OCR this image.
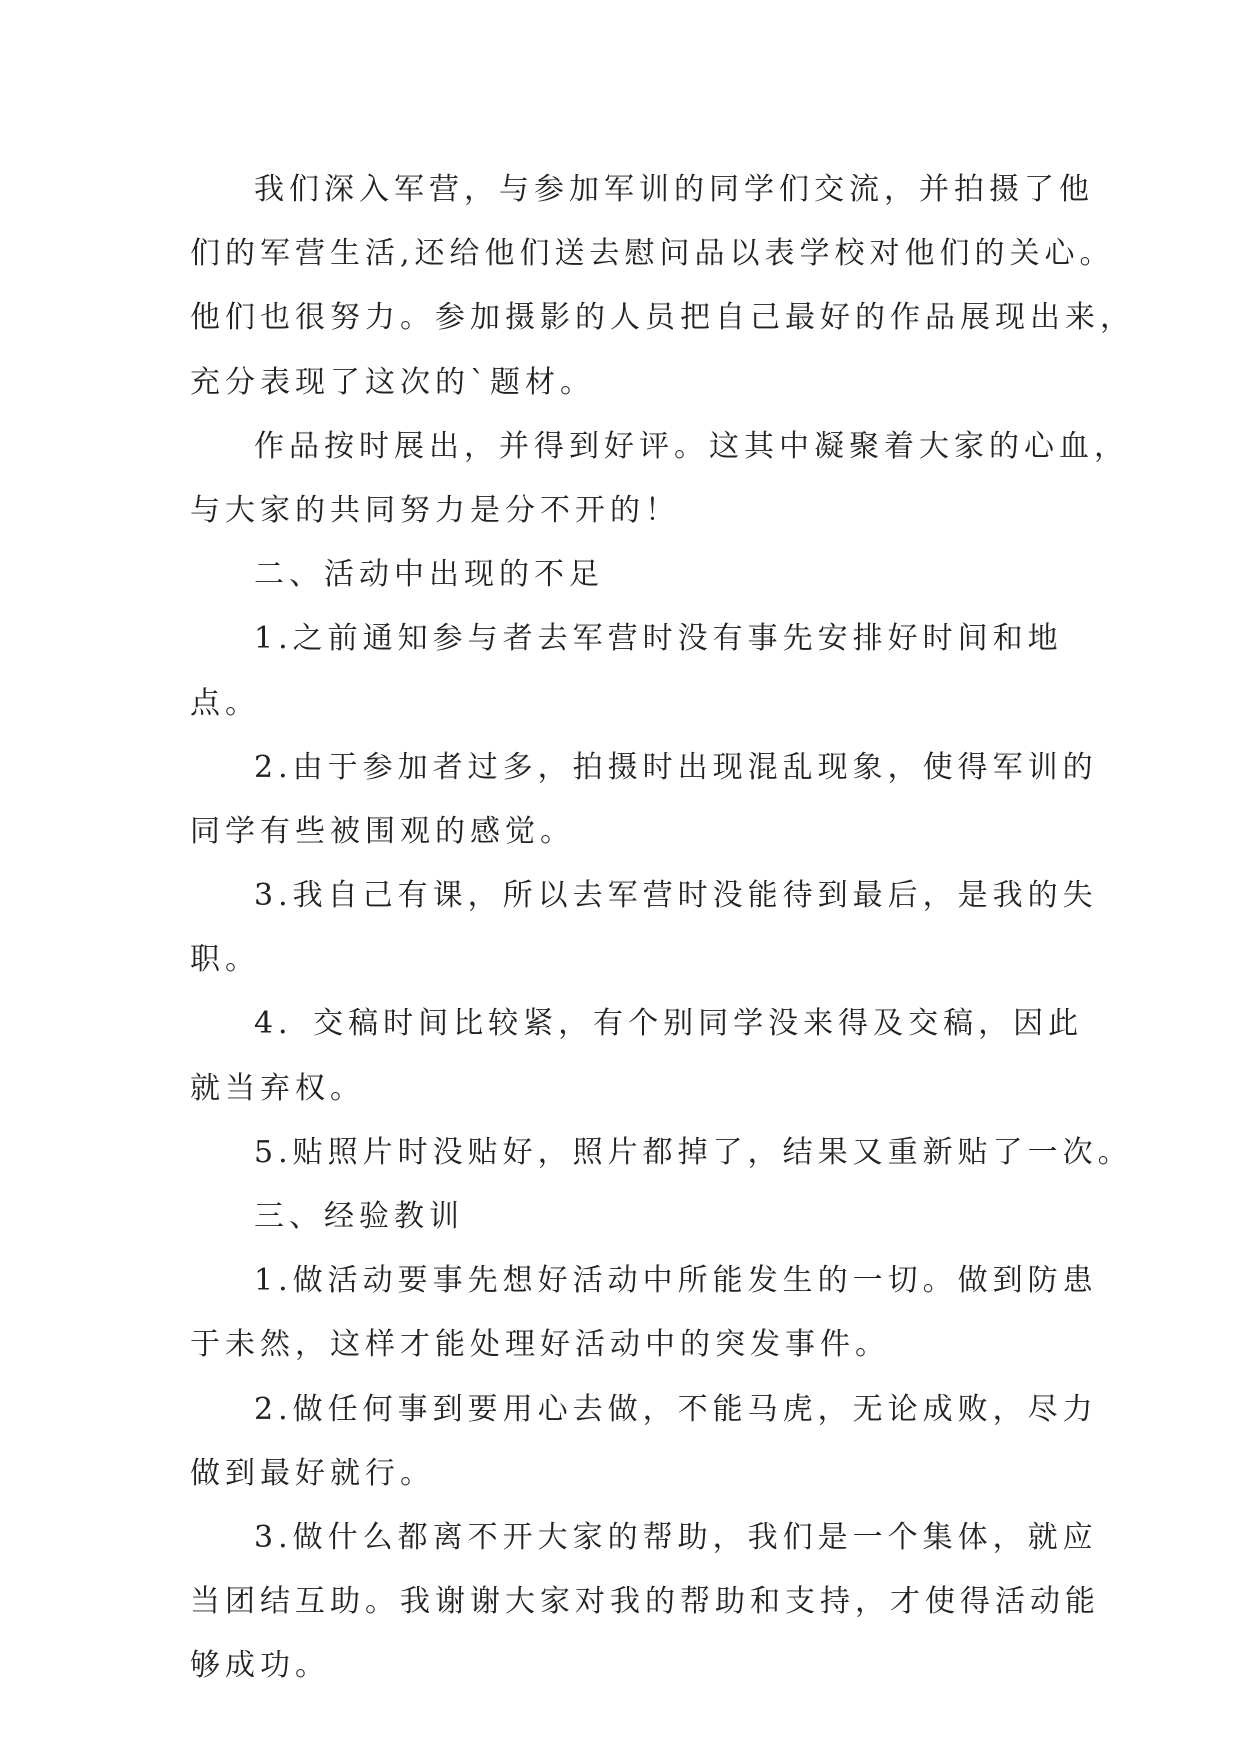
我们深入军营，与参加军训的同学们交流，并拍摄了他
们的军营生活,还给他们送去慰问品以表学校对他们的关心。
他们也很努力。参加摄影的人员把自己最好的作品展现出来，
充分表现了这次的`题材。
作品按时展出，并得到好评。这其中凝聚着大家的心血，
与大家的共同努力是分不开的！
二、活动中出现的不足
1.之前通知参与者去军营时没有事先安排好时间和地
点。
2.由于参加者过多，拍摄时出现混乱现象，使得军训的
同学有些被围观的感觉。
3.我自己有课，所以去军营时没能待到最后，是我的失
职。
4．交稿时间比较紧，有个别同学没来得及交稿，因此
就当弃权。
5.贴照片时没贴好，照片都掉了，结果又重新贴了一次。
三、经验教训
1.做活动要事先想好活动中所能发生的一切。做到防患
于未然，这样才能处理好活动中的突发事件。
2.做任何事到要用心去做，不能马虎，无论成败，尽力
做到最好就行。
3.做什么都离不开大家的帮助，我们是一个集体，就应
当团结互助。我谢谢大家对我的帮助和支持，才使得活动能
够成功。
